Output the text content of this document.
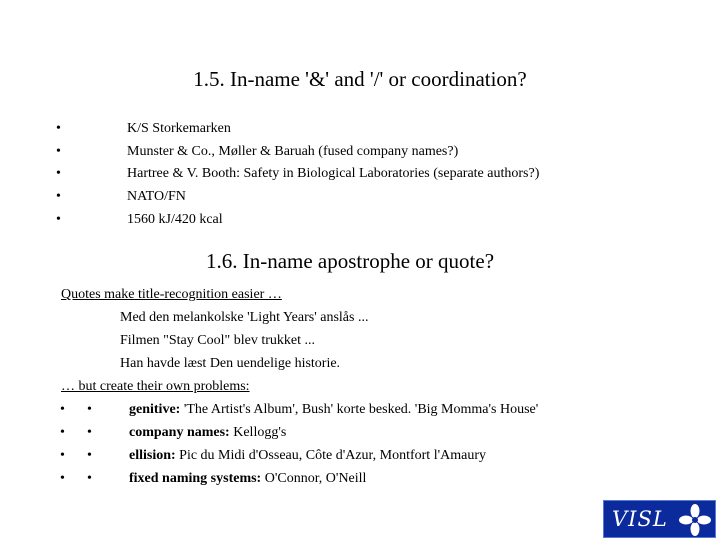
1.5. In-name '&' and '/' or coordination?
•	K/S Storkemarken
•	Munster & Co., Møller & Baruah (fused company names?)
•	Hartree & V. Booth: Safety in Biological Laboratories (separate authors?)
•	NATO/FN
•	1560 kJ/420 kcal
1.6. In-name apostrophe or quote?
Quotes make title-recognition easier …
Med den melankolske 'Light Years' anslås ...
Filmen "Stay Cool" blev trukket ...
Han havde læst Den uendelige historie.
… but create their own problems:
• •	genitive: 'The Artist's Album', Bush' korte besked. 'Big Momma's House'
• •	company names: Kellogg's
• •	ellision: Pic du Midi d'Osseau, Côte d'Azur, Montfort l'Amaury
• •	fixed naming systems: O'Connor, O'Neill
VISL
